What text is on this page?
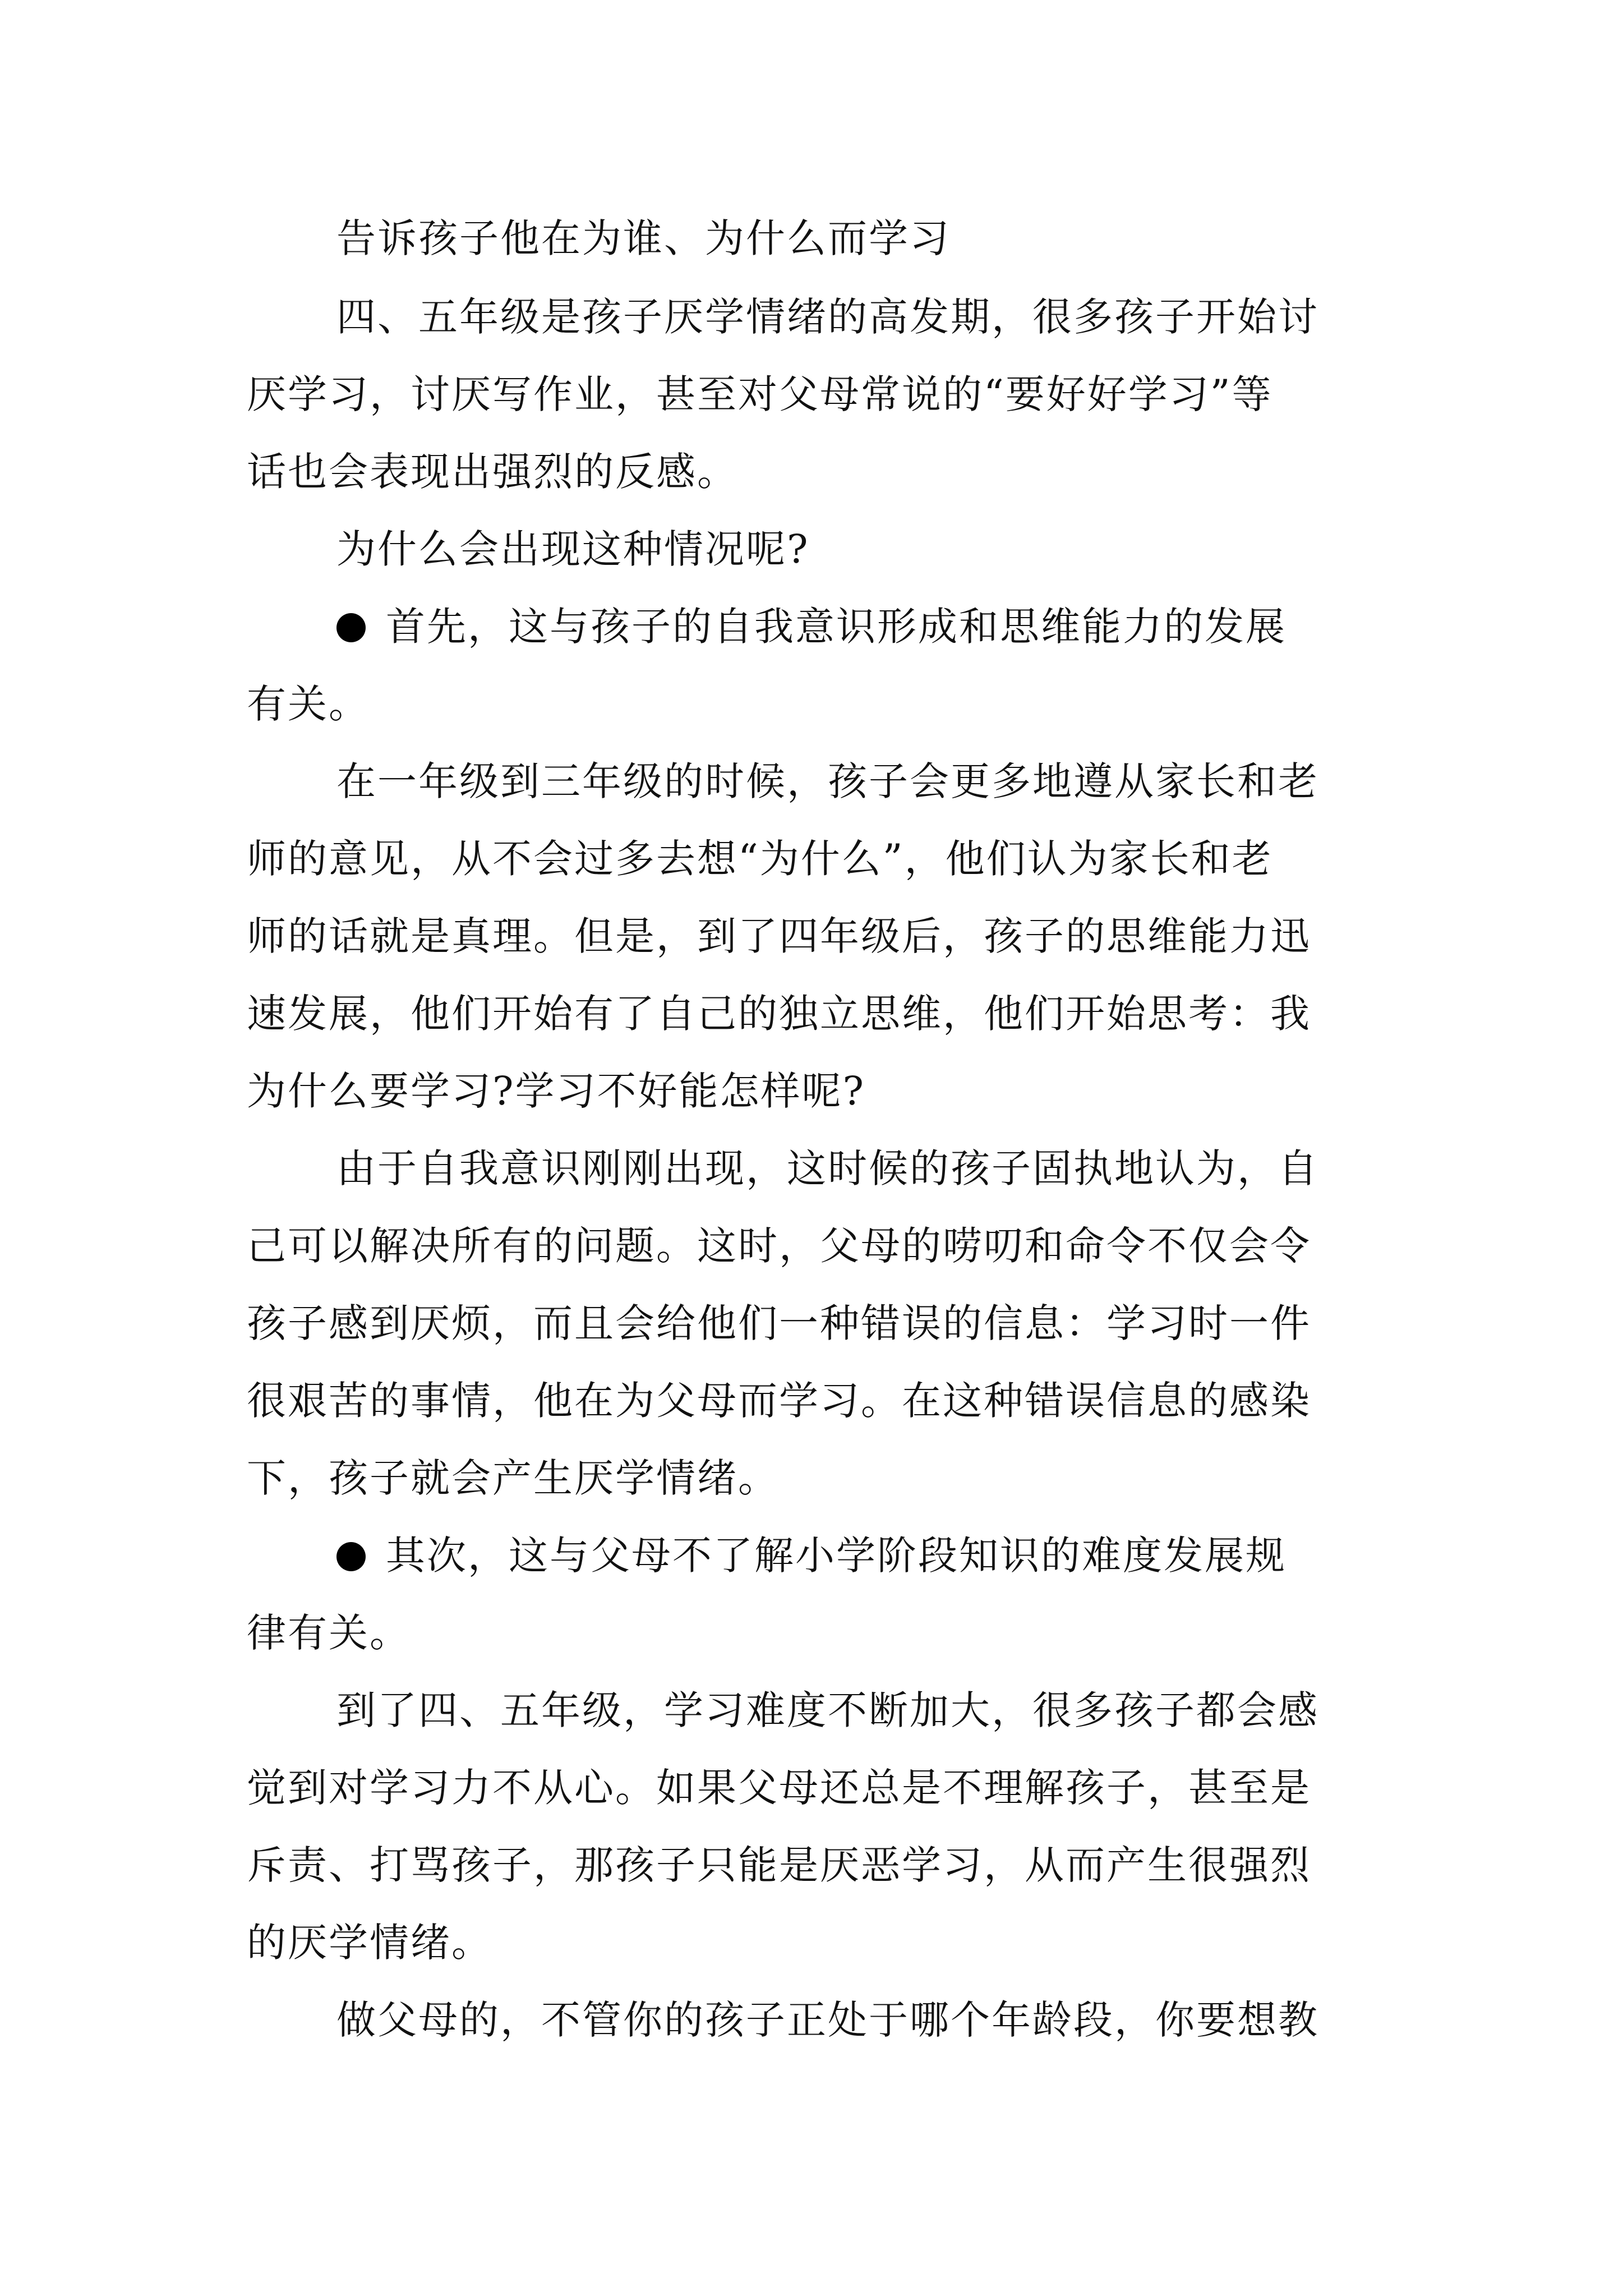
告诉孩子他在为谁、为什么而学习
四、五年级是孩子厌学情绪的高发期，很多孩子开始讨
厌学习，讨厌写作业，甚至对父母常说的“要好好学习”等
话也会表现出强烈的反感。
为什么会出现这种情况呢?
首先，这与孩子的自我意识形成和思维能力的发展
有关。
在一年级到三年级的时候，孩子会更多地遵从家长和老
师的意见，从不会过多去想“为什么”，他们认为家长和老
师的话就是真理。但是，到了四年级后，孩子的思维能力迅
速发展，他们开始有了自己的独立思维，他们开始思考：我
为什么要学习?学习不好能怎样呢?
由于自我意识刚刚出现，这时候的孩子固执地认为，自
己可以解决所有的问题。这时，父母的唠叨和命令不仅会令
孩子感到厌烦，而且会给他们一种错误的信息：学习时一件
很艰苦的事情，他在为父母而学习。在这种错误信息的感染
下，孩子就会产生厌学情绪。
其次，这与父母不了解小学阶段知识的难度发展规
律有关。
到了四、五年级，学习难度不断加大，很多孩子都会感
觉到对学习力不从心。如果父母还总是不理解孩子，甚至是
斥责、打骂孩子，那孩子只能是厌恶学习，从而产生很强烈
的厌学情绪。
做父母的，不管你的孩子正处于哪个年龄段，你要想教
